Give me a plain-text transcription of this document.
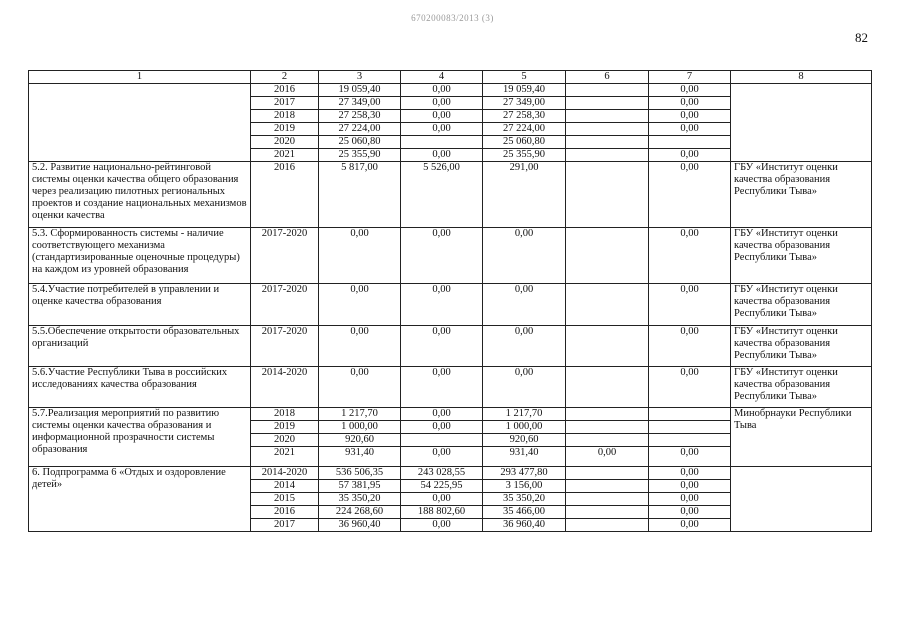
670200083/2013 (3)
82
1	2	3	4	5	6	7	8
	2016	19 059,40	0,00	19 059,40		0,00	
	2017	27 349,00	0,00	27 349,00		0,00	
	2018	27 258,30	0,00	27 258,30		0,00	
	2019	27 224,00	0,00	27 224,00		0,00	
	2020	25 060,80		25 060,80			
	2021	25 355,90	0,00	25 355,90		0,00	
5.2. Развитие национально-рейтинговой системы оценки качества общего образования через реализацию пилотных региональных проектов и создание национальных механизмов оценки качества	2016	5 817,00	5 526,00	291,00		0,00	ГБУ «Институт оценки качества образования Республики Тыва»
5.3. Сформированность системы - наличие соответствующего механизма (стандартизированные оценочные процедуры) на каждом из уровней образования	2017-2020	0,00	0,00	0,00		0,00	ГБУ «Институт оценки качества образования Республики Тыва»
5.4.Участие потребителей в управлении и оценке качества образования	2017-2020	0,00	0,00	0,00		0,00	ГБУ «Институт оценки качества образования Республики Тыва»
5.5.Обеспечение открытости образовательных организаций	2017-2020	0,00	0,00	0,00		0,00	ГБУ «Институт оценки качества образования Республики Тыва»
5.6.Участие Республики Тыва в российских исследованиях качества образования	2014-2020	0,00	0,00	0,00		0,00	ГБУ «Институт оценки качества образования Республики Тыва»
5.7.Реализация мероприятий по развитию системы оценки качества образования и информационной прозрачности системы образования	2018	1 217,70	0,00	1 217,70			Минобрнауки Республики Тыва
	2019	1 000,00	0,00	1 000,00			
	2020	920,60		920,60			
	2021	931,40	0,00	931,40	0,00	0,00	
6. Подпрограмма 6 «Отдых и оздоровление детей»	2014-2020	536 506,35	243 028,55	293 477,80		0,00	
	2014	57 381,95	54 225,95	3 156,00		0,00	
	2015	35 350,20	0,00	35 350,20		0,00	
	2016	224 268,60	188 802,60	35 466,00		0,00	
	2017	36 960,40	0,00	36 960,40		0,00	
